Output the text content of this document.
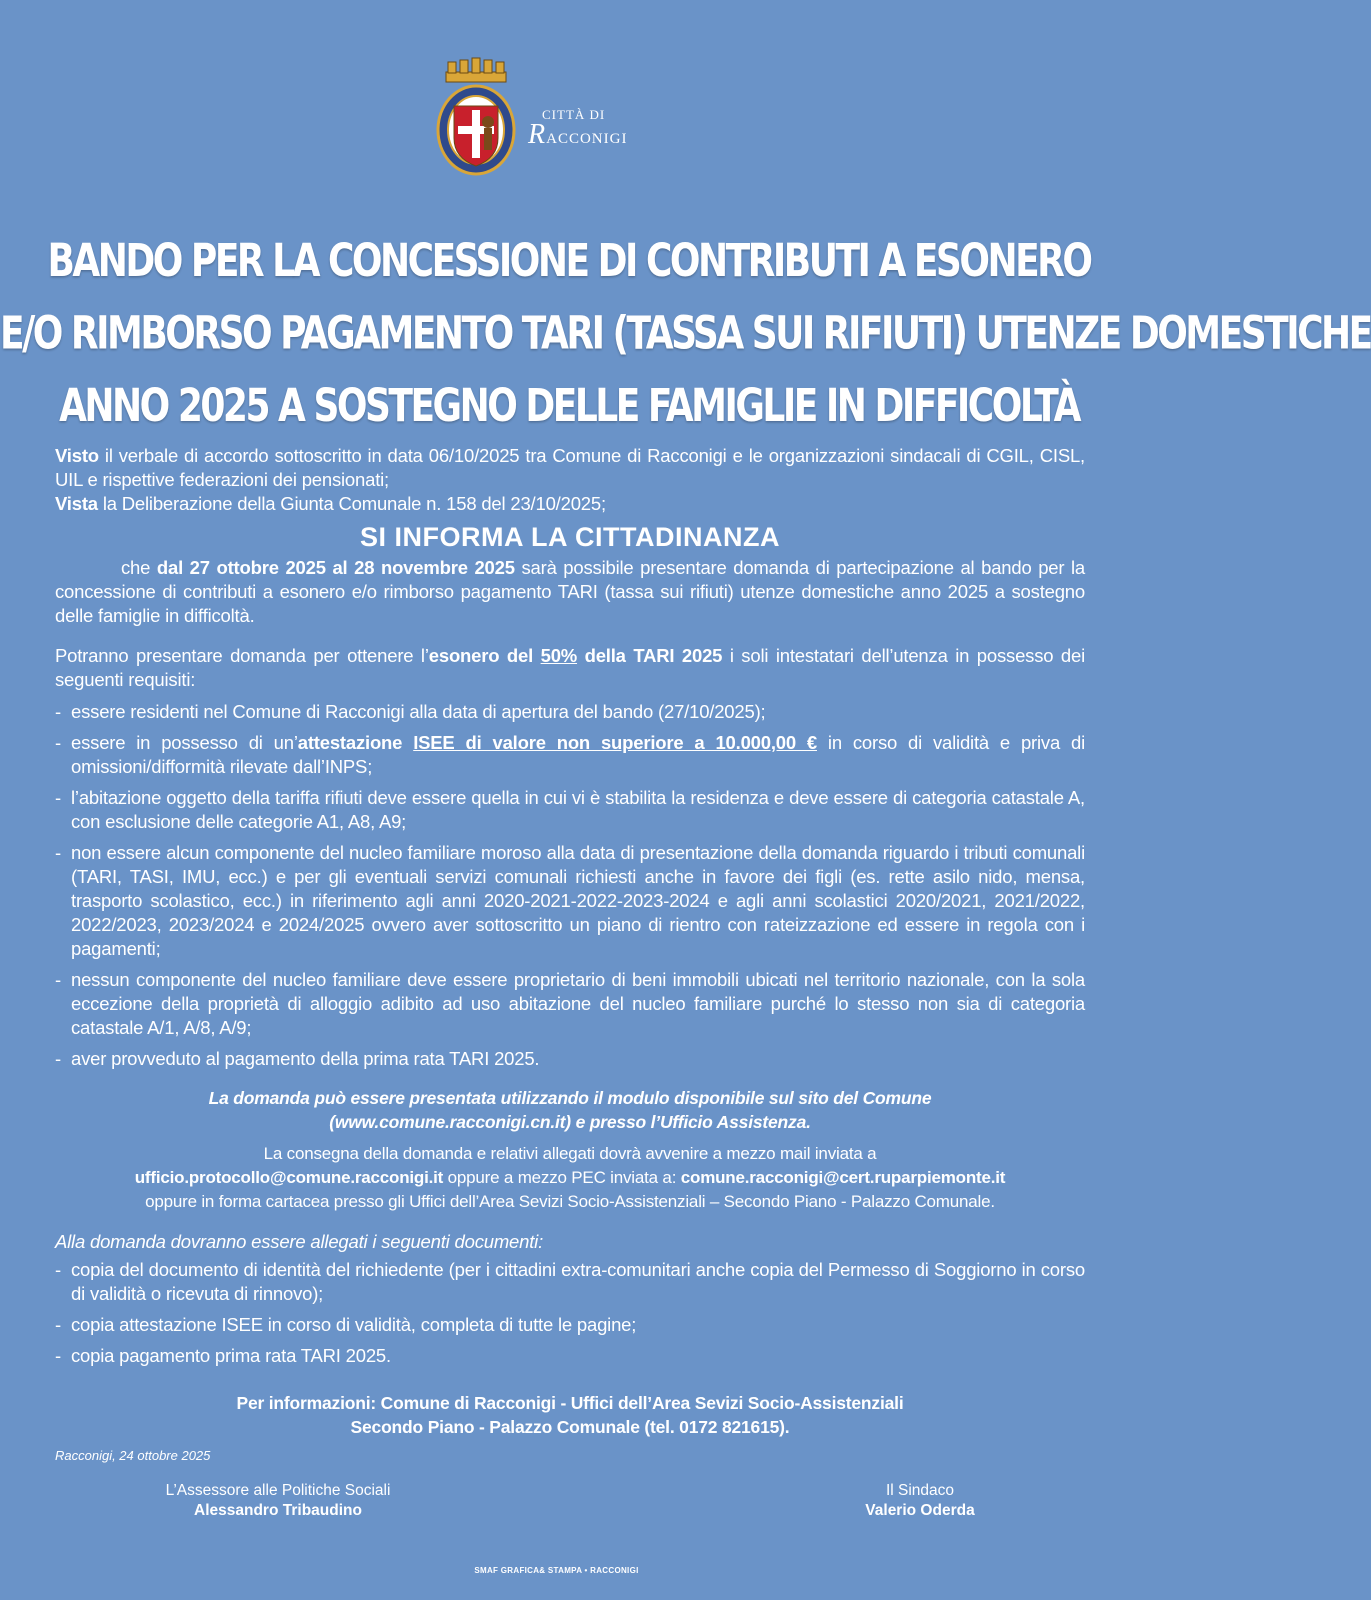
CITTÀ DI
RACCONIGI
BANDO PER LA CONCESSIONE DI CONTRIBUTI A ESONERO
E/O RIMBORSO PAGAMENTO TARI (TASSA SUI RIFIUTI) UTENZE DOMESTICHE
ANNO 2025 A SOSTEGNO DELLE FAMIGLIE IN DIFFICOLTÀ

Visto il verbale di accordo sottoscritto in data 06/10/2025 tra Comune di Racconigi e le organizzazioni sindacali di CGIL, CISL, UIL e rispettive federazioni dei pensionati;

Vista la Deliberazione della Giunta Comunale n. 158 del 23/10/2025;

SI INFORMA LA CITTADINANZA

che dal 27 ottobre 2025 al 28 novembre 2025 sarà possibile presentare domanda di partecipazione al bando per la concessione di contributi a esonero e/o rimborso pagamento TARI (tassa sui rifiuti) utenze domestiche anno 2025 a sostegno delle famiglie in difficoltà.

Potranno presentare domanda per ottenere l’esonero del 50% della TARI 2025 i soli intestatari dell’utenza in possesso dei seguenti requisiti:

- essere residenti nel Comune di Racconigi alla data di apertura del bando (27/10/2025);
- essere in possesso di un’attestazione ISEE di valore non superiore a 10.000,00 € in corso di validità e priva di omissioni/difformità rilevate dall’INPS;
- l’abitazione oggetto della tariffa rifiuti deve essere quella in cui vi è stabilita la residenza e deve essere di categoria catastale A, con esclusione delle categorie A1, A8, A9;
- non essere alcun componente del nucleo familiare moroso alla data di presentazione della domanda riguardo i tributi comunali (TARI, TASI, IMU, ecc.) e per gli eventuali servizi comunali richiesti anche in favore dei figli (es. rette asilo nido, mensa, trasporto scolastico, ecc.) in riferimento agli anni 2020-2021-2022-2023-2024 e agli anni scolastici 2020/2021, 2021/2022, 2022/2023, 2023/2024 e 2024/2025 ovvero aver sottoscritto un piano di rientro con rateizzazione ed essere in regola con i pagamenti;
- nessun componente del nucleo familiare deve essere proprietario di beni immobili ubicati nel territorio nazionale, con la sola eccezione della proprietà di alloggio adibito ad uso abitazione del nucleo familiare purché lo stesso non sia di categoria catastale A/1, A/8, A/9;
- aver provveduto al pagamento della prima rata TARI 2025.
La domanda può essere presentata utilizzando il modulo disponibile sul sito del Comune
(www.comune.racconigi.cn.it) e presso l’Ufficio Assistenza.
La consegna della domanda e relativi allegati dovrà avvenire a mezzo mail inviata a
ufficio.protocollo@comune.racconigi.it oppure a mezzo PEC inviata a: comune.racconigi@cert.ruparpiemonte.it
oppure in forma cartacea presso gli Uffici dell’Area Sevizi Socio-Assistenziali – Secondo Piano - Palazzo Comunale.

Alla domanda dovranno essere allegati i seguenti documenti:

- copia del documento di identità del richiedente (per i cittadini extra-comunitari anche copia del Permesso di Soggiorno in corso di validità o ricevuta di rinnovo);
- copia attestazione ISEE in corso di validità, completa di tutte le pagine;
- copia pagamento prima rata TARI 2025.
Per informazioni: Comune di Racconigi - Uffici dell’Area Sevizi Socio-Assistenziali
Secondo Piano - Palazzo Comunale (tel. 0172 821615).
Racconigi, 24 ottobre 2025
L’Assessore alle Politiche Sociali
Alessandro Tribaudino
Il Sindaco
Valerio Oderda
SMAF GRAFICA& STAMPA • RACCONIGI
